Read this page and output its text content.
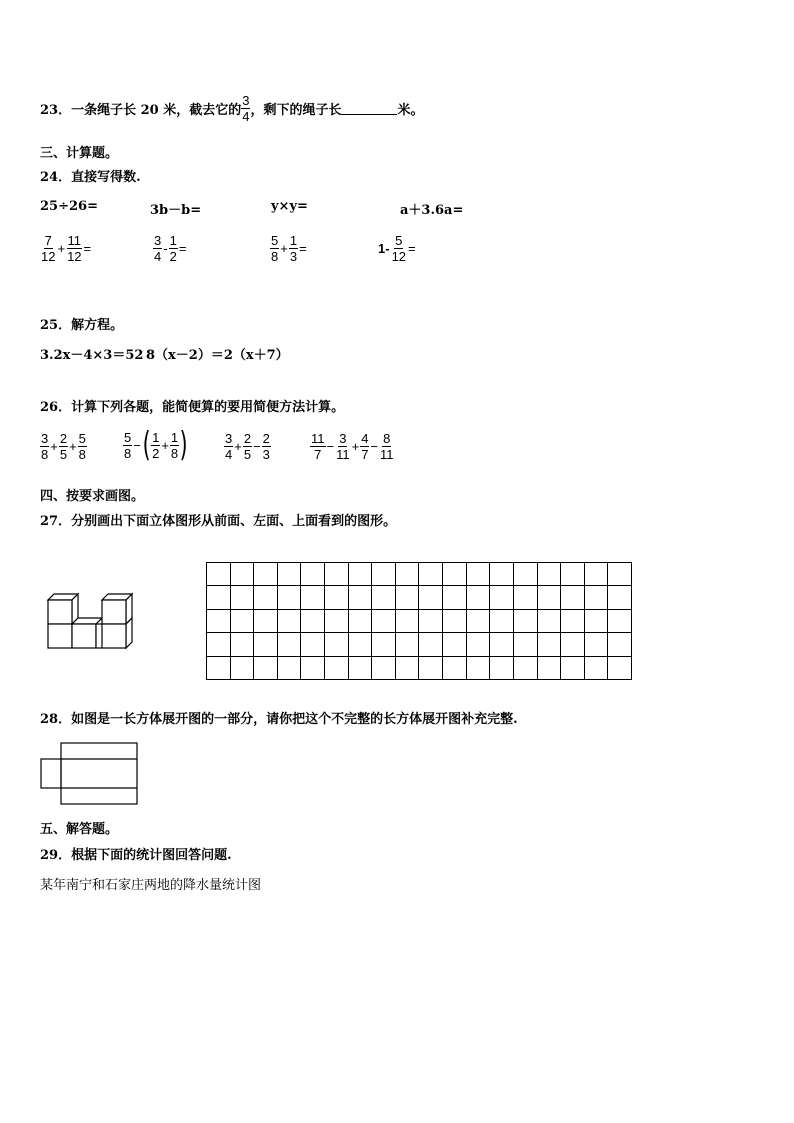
23．一条绳子长 20 米，截去它的 $\frac{3}{4}$ ，剩下的绳子长	米。
三、计算题。
24．直接写得数.
25÷26=	3b－b=	y×y=	a＋3.6a=
$\frac{7}{12} + \frac{11}{12}$ =	$\frac{3}{4} - \frac{1}{2}$ =	$\frac{5}{8} + \frac{1}{3}$ =	$1- \frac{5}{12}$ =
25．解方程。
3.2x－4×3＝52 8（x－2）＝2（x＋7）
26．计算下列各题，能简便算的要用简便方法计算。
$\frac{3}{8} + \frac{2}{5} + \frac{5}{8}$	$\frac{5}{8}$ −( $\frac{1}{2} + \frac{1}{8}$ )	$\frac{3}{4} + \frac{2}{5} - \frac{2}{3}$	$\frac{11}{7} - \frac{3}{11} + \frac{4}{7} - \frac{8}{11}$
四、按要求画图。
27．分别画出下面立体图形从前面、左面、上面看到的图形。
28．如图是一长方体展开图的一部分，请你把这个不完整的长方体展开图补充完整.
五、解答题。
29．根据下面的统计图回答问题.
某年南宁和石家庄两地的降水量统计图
